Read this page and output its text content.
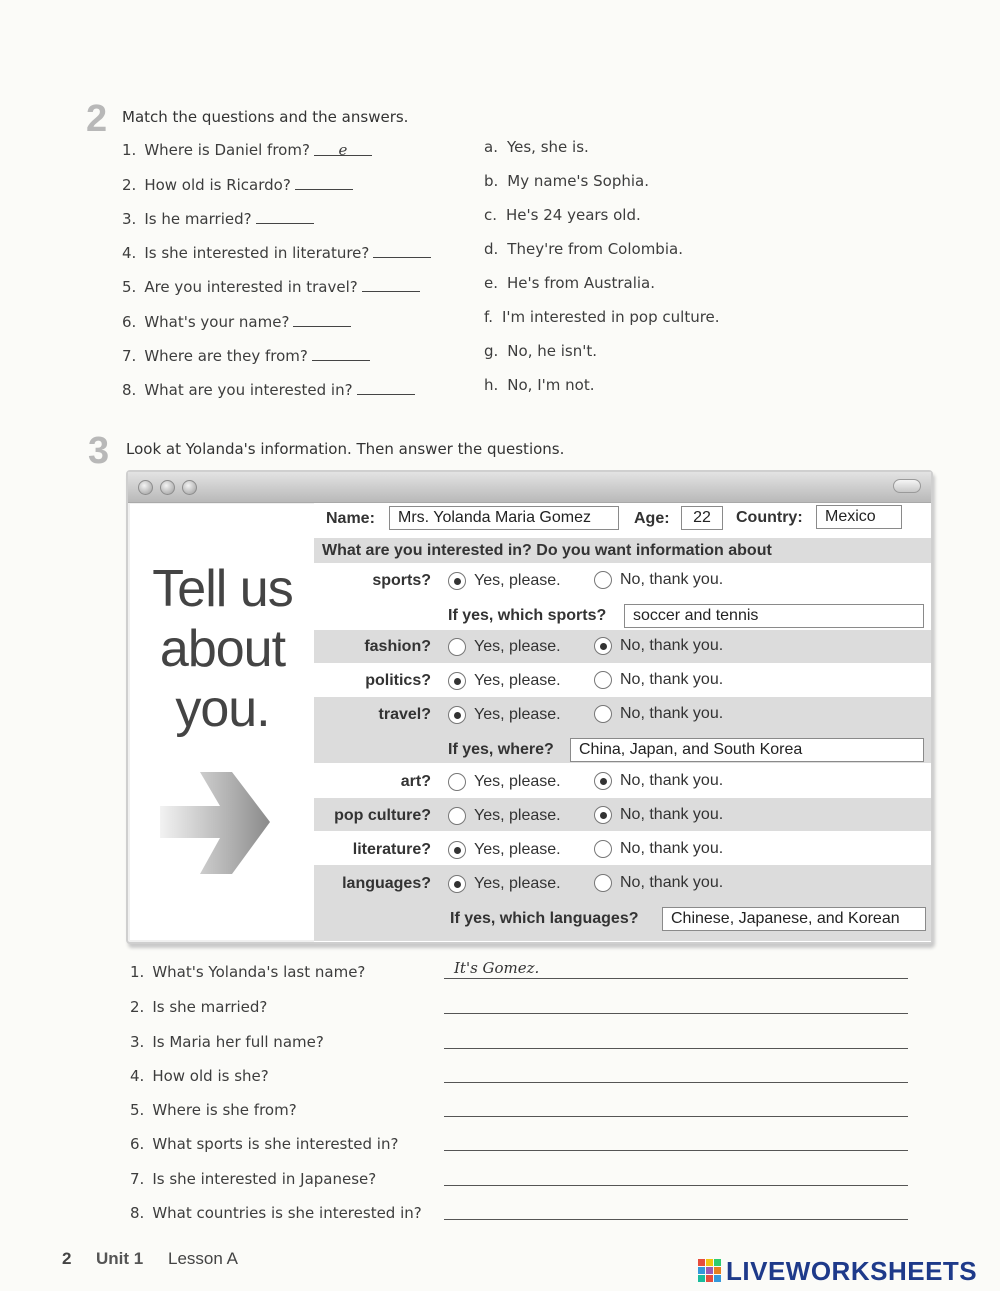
2 Match the questions and the answers.
1. Where is Daniel from? e
2. How old is Ricardo?
3. Is he married?
4. Is she interested in literature?
5. Are you interested in travel?
6. What's your name?
7. Where are they from?
8. What are you interested in?
a. Yes, she is.
b. My name's Sophia.
c. He's 24 years old.
d. They're from Colombia.
e. He's from Australia.
f. I'm interested in pop culture.
g. No, he isn't.
h. No, I'm not.
3 Look at Yolanda's information. Then answer the questions.
Tell us
about
you.
Name:	Mrs. Yolanda Maria Gomez	Age:	22	Country:	Mexico
What are you interested in? Do you want information about
sports?	Yes, please.	No, thank you.
fashion?	Yes, please.	No, thank you.
politics?	Yes, please.	No, thank you.
travel?	Yes, please.	No, thank you.
art?	Yes, please.	No, thank you.
pop culture?	Yes, please.	No, thank you.
literature?	Yes, please.	No, thank you.
languages?	Yes, please.	No, thank you.
If yes, which sports?	soccer and tennis
If yes, where?	China, Japan, and South Korea
If yes, which languages?	Chinese, Japanese, and Korean
1. What's Yolanda's last name?	It's Gomez.
2. Is she married?
3. Is Maria her full name?
4. How old is she?
5. Where is she from?
6. What sports is she interested in?
7. Is she interested in Japanese?
8. What countries is she interested in?
2 Unit 1 Lesson A	LIVEWORKSHEETS
